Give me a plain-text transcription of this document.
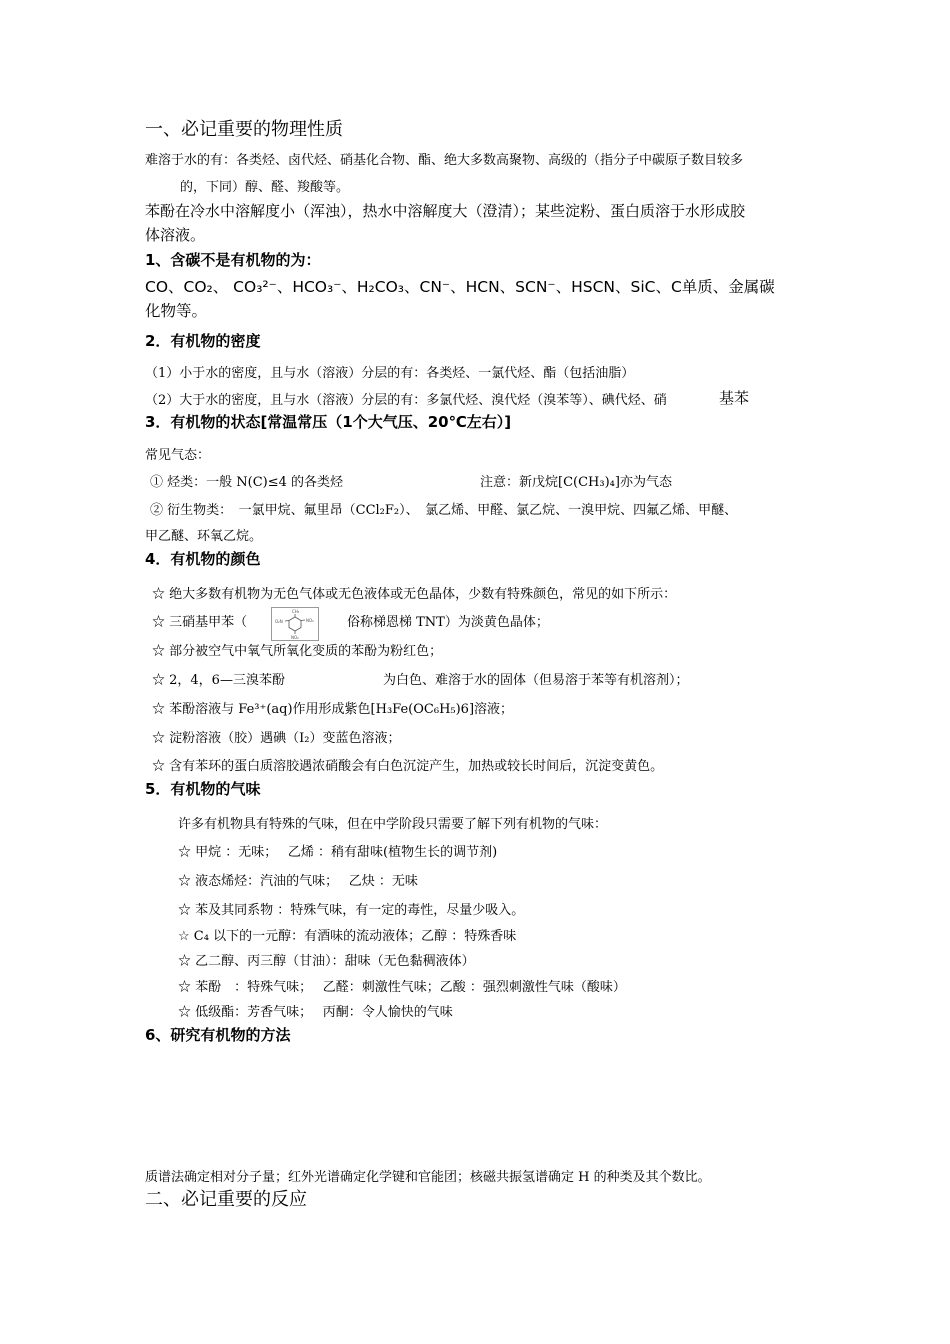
一、必记重要的物理性质
难溶于水的有：各类烃、卤代烃、硝基化合物、酯、绝大多数高聚物、高级的（指分子中碳原子数目较多
的，下同）醇、醛、羧酸等。
苯酚在冷水中溶解度小（浑浊），热水中溶解度大（澄清）；某些淀粉、蛋白质溶于水形成胶
体溶液。
1、含碳不是有机物的为：
CO、CO₂、 CO₃²⁻、HCO₃⁻、H₂CO₃、CN⁻、HCN、SCN⁻、HSCN、SiC、C单质、金属碳
化物等。
2．有机物的密度
（1）小于水的密度，且与水（溶液）分层的有：各类烃、一氯代烃、酯（包括油脂）
（2）大于水的密度，且与水（溶液）分层的有：多氯代烃、溴代烃（溴苯等）、碘代烃、硝	基苯
3．有机物的状态[常温常压（1个大气压、20℃左右）]
常见气态：
① 烃类：一般 N(C)≤4 的各类烃	注意：新戊烷[C(CH₃)₄]亦为气态
② 衍生物类：　一氯甲烷、氟里昂（CCl₂F₂）、　氯乙烯、甲醛、氯乙烷、一溴甲烷、四氟乙烯、甲醚、
甲乙醚、环氧乙烷。
4．有机物的颜色
☆ 绝大多数有机物为无色气体或无色液体或无色晶体，少数有特殊颜色，常见的如下所示：
☆ 三硝基甲苯（
CH₃
O₂N	NO₂
NO₂
俗称梯恩梯 TNT）为淡黄色晶体；
☆ 部分被空气中氧气所氧化变质的苯酚为粉红色；
☆ 2，4，6—三溴苯酚	为白色、难溶于水的固体（但易溶于苯等有机溶剂）；
☆ 苯酚溶液与 Fe³⁺(aq)作用形成紫色[H₃Fe(OC₆H₅)6]溶液；
☆ 淀粉溶液（胶）遇碘（I₂）变蓝色溶液；
☆ 含有苯环的蛋白质溶胶遇浓硝酸会有白色沉淀产生，加热或较长时间后，沉淀变黄色。
5．有机物的气味
许多有机物具有特殊的气味，但在中学阶段只需要了解下列有机物的气味：
☆ 甲烷 ：无味；　 乙烯 ：稍有甜味(植物生长的调节剂)
☆ 液态烯烃：汽油的气味；　 乙炔 ：无味
☆ 苯及其同系物 ：特殊气味，有一定的毒性，尽量少吸入。
☆ C₄ 以下的一元醇：有酒味的流动液体；乙醇 ：特殊香味
☆ 乙二醇、丙三醇（甘油）：甜味（无色黏稠液体）
☆ 苯酚　：特殊气味；　 乙醛：刺激性气味；乙酸 ：强烈刺激性气味（酸味）
☆ 低级酯：芳香气味；　 丙酮：令人愉快的气味
6、研究有机物的方法
质谱法确定相对分子量；红外光谱确定化学键和官能团；核磁共振氢谱确定 H 的种类及其个数比。
二、必记重要的反应
